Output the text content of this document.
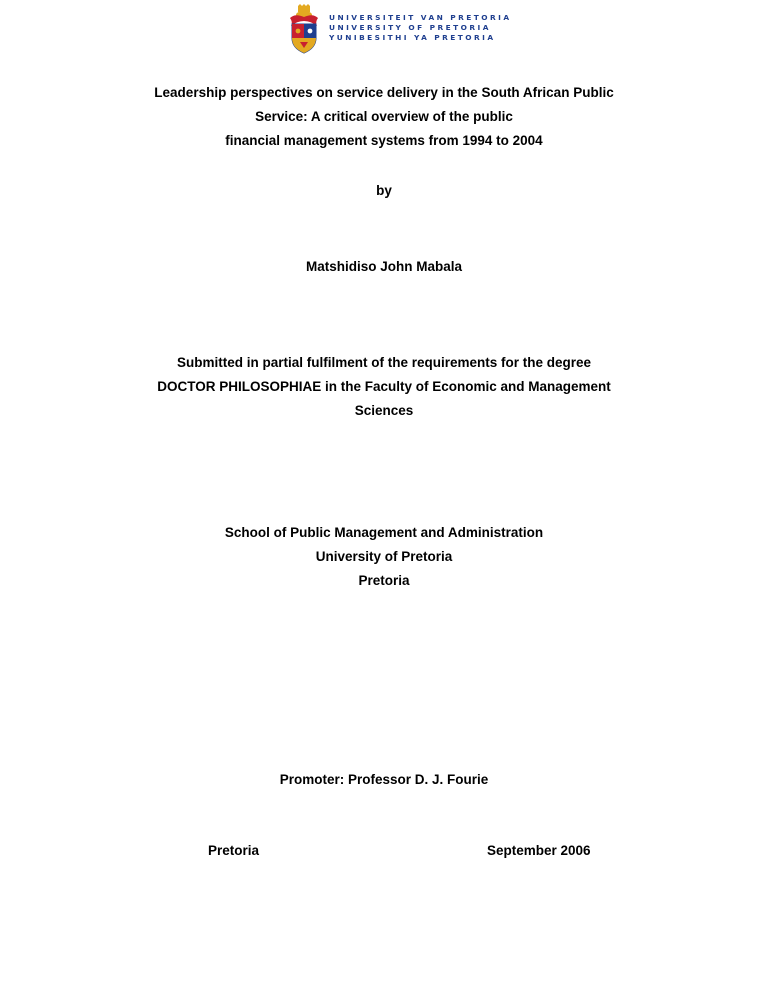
UNIVERSITEIT VAN PRETORIA
UNIVERSITY OF PRETORIA
YUNIBESITHI YA PRETORIA
Leadership perspectives on service delivery in the South African Public
Service: A critical overview of the public
financial management systems from 1994 to 2004
by
Matshidiso John Mabala
Submitted in partial fulfilment of the requirements for the degree
DOCTOR PHILOSOPHIAE in the Faculty of Economic and Management
Sciences
School of Public Management and Administration
University of Pretoria
Pretoria
Promoter: Professor D. J. Fourie
Pretoria	September 2006
